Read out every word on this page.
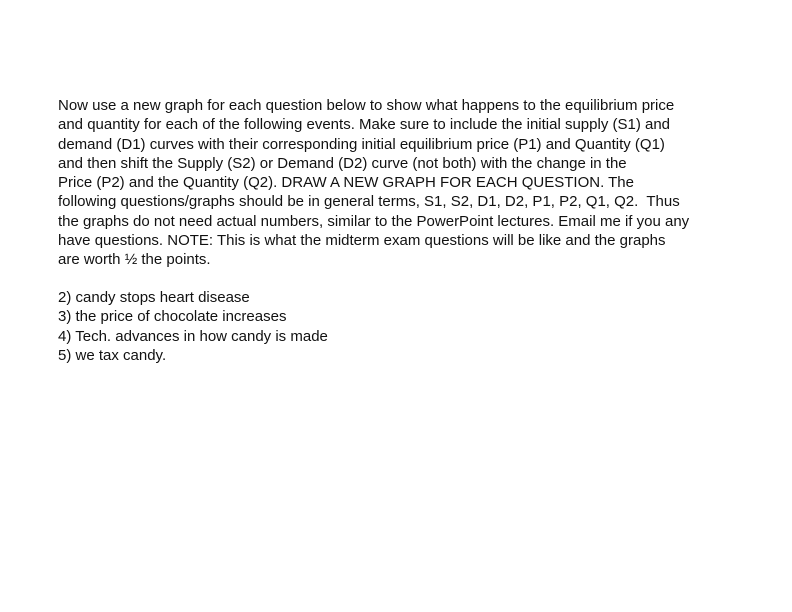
Now use a new graph for each question below to show what happens to the equilibrium price
and quantity for each of the following events. Make sure to include the initial supply (S1) and
demand (D1) curves with their corresponding initial equilibrium price (P1) and Quantity (Q1)
and then shift the Supply (S2) or Demand (D2) curve (not both) with the change in the
Price (P2) and the Quantity (Q2). DRAW A NEW GRAPH FOR EACH QUESTION. The
following questions/graphs should be in general terms, S1, S2, D1, D2, P1, P2, Q1, Q2.  Thus
the graphs do not need actual numbers, similar to the PowerPoint lectures. Email me if you any
have questions. NOTE: This is what the midterm exam questions will be like and the graphs
are worth ½ the points.

2) candy stops heart disease
3) the price of chocolate increases
4) Tech. advances in how candy is made
5) we tax candy.
